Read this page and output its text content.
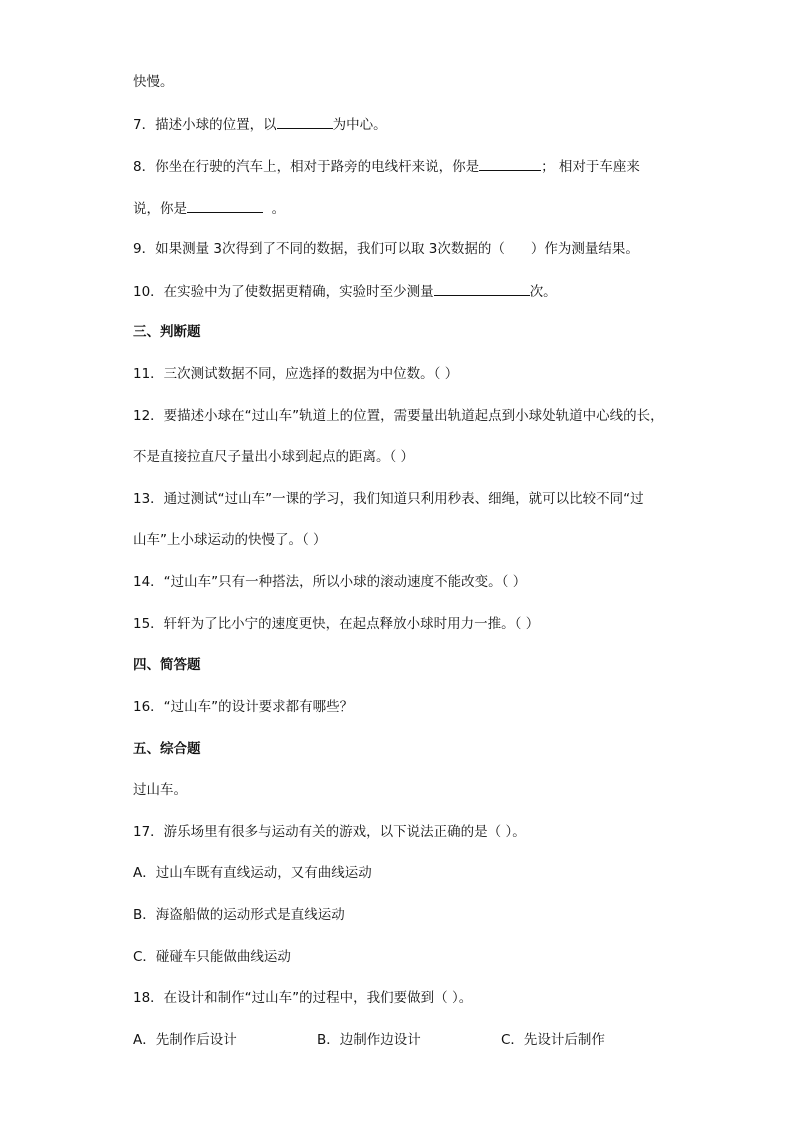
快慢。
7．描述小球的位置，以	为中心。
8．你坐在行驶的汽车上，相对于路旁的电线杆来说，你是	； 相对于车座来
说，你是	。
9．如果测量 3次得到了不同的数据，我们可以取 3次数据的（ ）作为测量结果。
10．在实验中为了使数据更精确，实验时至少测量	次。
三、判断题
11．三次测试数据不同，应选择的数据为中位数。（ ）
12．要描述小球在“过山车”轨道上的位置，需要量出轨道起点到小球处轨道中心线的长，
不是直接拉直尺子量出小球到起点的距离。（ ）
13．通过测试“过山车”一课的学习，我们知道只利用秒表、细绳，就可以比较不同“过
山车”上小球运动的快慢了。（ ）
14．“过山车”只有一种搭法，所以小球的滚动速度不能改变。（ ）
15．轩轩为了比小宁的速度更快，在起点释放小球时用力一推。（ ）
四、简答题
16．“过山车”的设计要求都有哪些？
五、综合题
过山车。
17．游乐场里有很多与运动有关的游戏，以下说法正确的是（ ）。
A．过山车既有直线运动，又有曲线运动
B．海盗船做的运动形式是直线运动
C．碰碰车只能做曲线运动
18．在设计和制作“过山车”的过程中，我们要做到（ ）。
A．先制作后设计	B．边制作边设计	C．先设计后制作
